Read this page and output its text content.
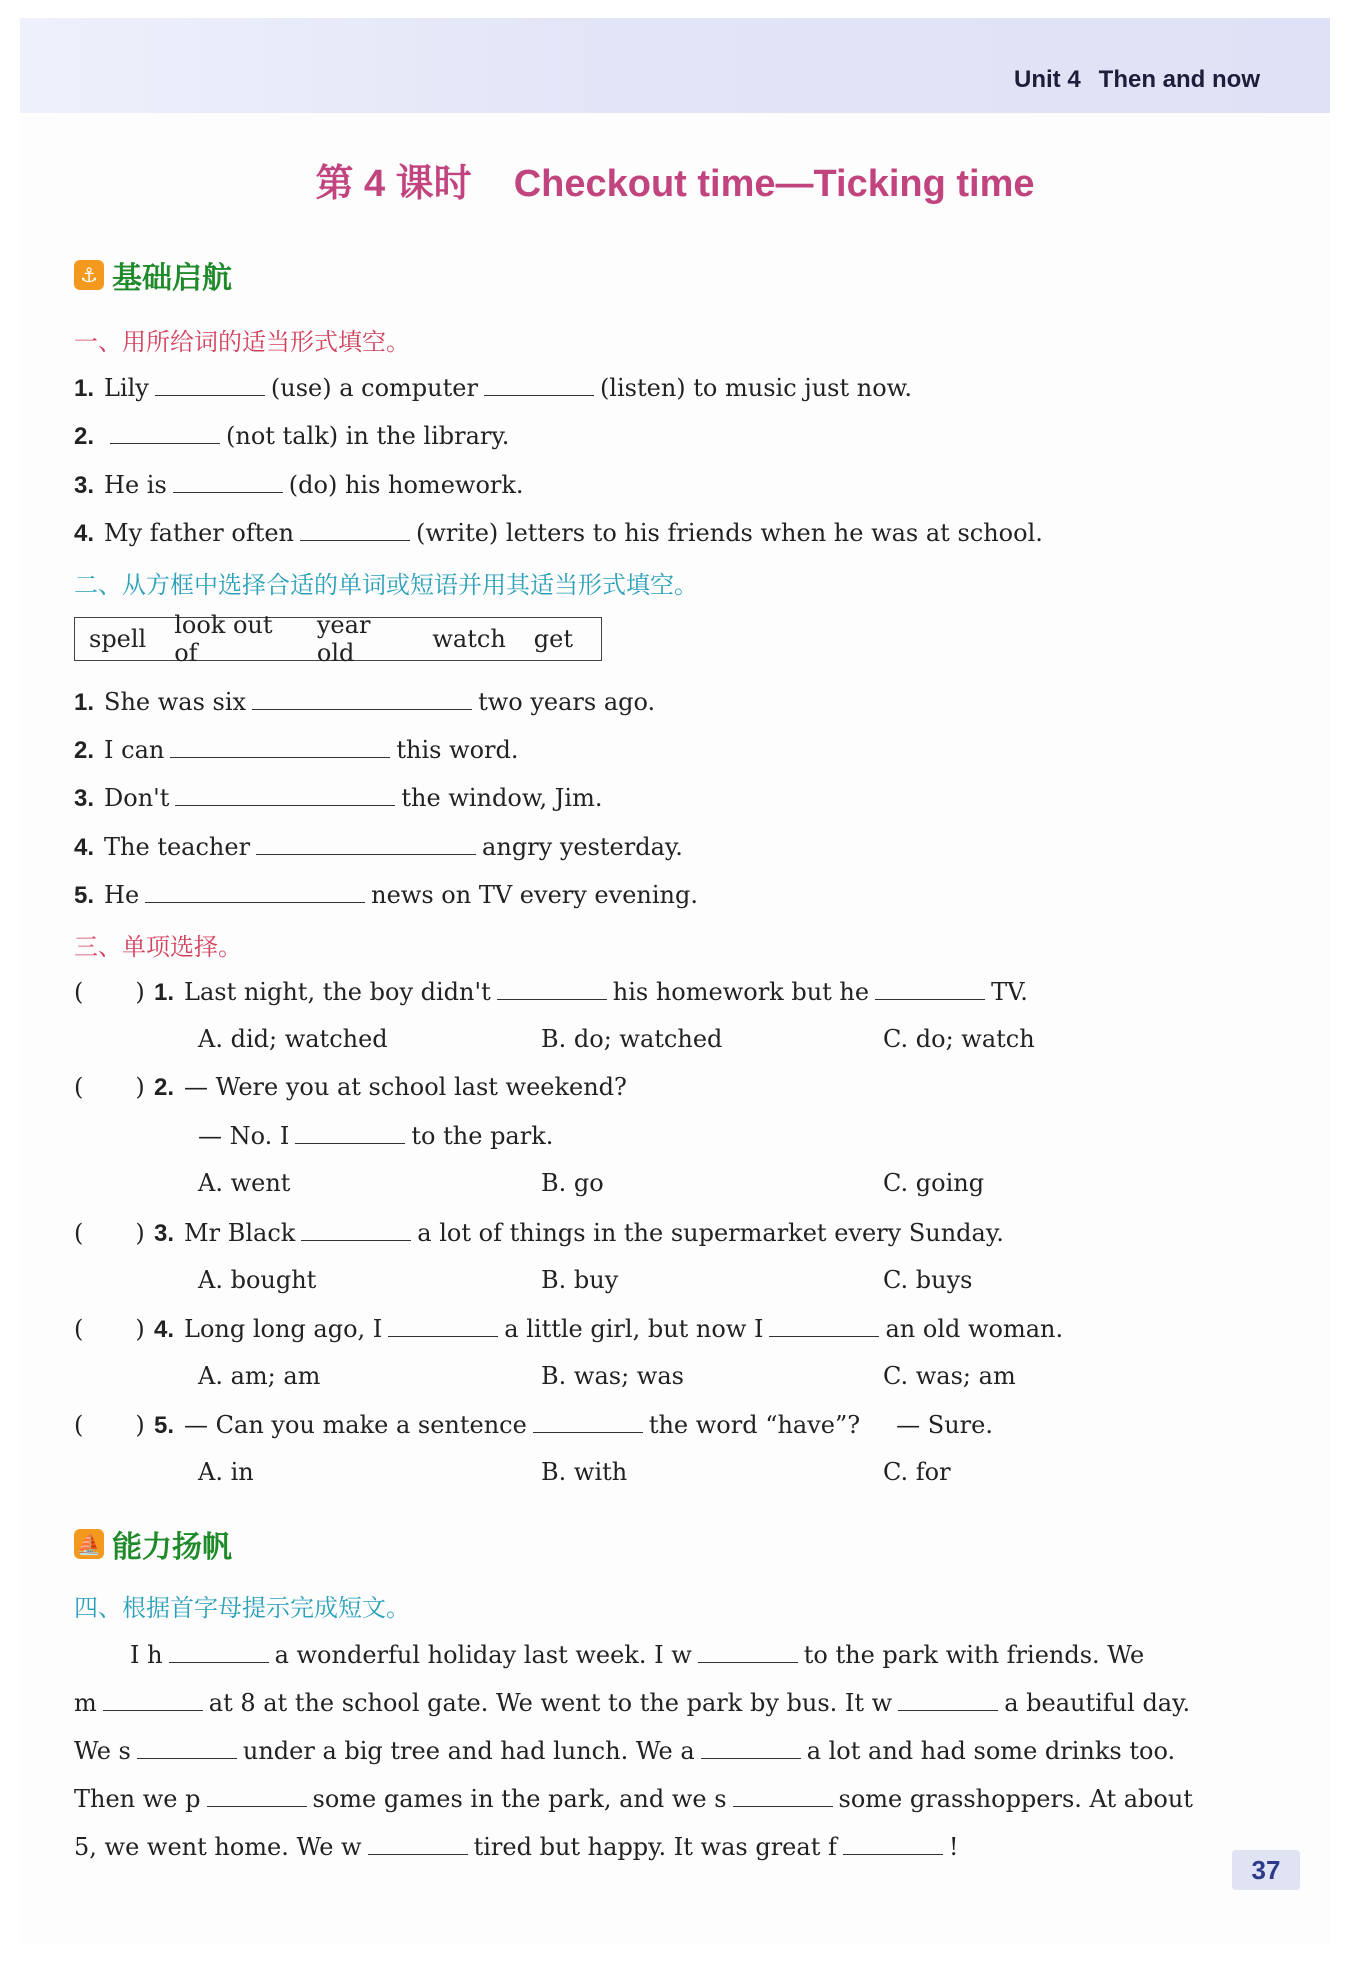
Unit 4 Then and now
第 4 课时 Checkout time—Ticking time
⚓ 基础启航
一、用所给词的适当形式填空。
1. Lily	(use) a computer	(listen) to music just now.
2.	(not talk) in the library.
3. He is	(do) his homework.
4. My father often	(write) letters to his friends when he was at school.
二、从方框中选择合适的单词或短语并用其适当形式填空。
spell look out of
year old	watch get
1. She was six	two years ago.
2. I can	this word.
3. Don't	the window, Jim.
4. The teacher	angry yesterday.
5. He	news on TV every evening.
三、单项选择。
( ) 1. Last night, the boy didn't	his homework but he	TV.
A. did; watched	B. do; watched	C. do; watch
( ) 2. — Were you at school last weekend?
— No. I	to the park.
A. went	B. go	C. going
( ) 3. Mr Black	a lot of things in the supermarket every Sunday.
A. bought	B. buy	C. buys
( ) 4. Long long ago, I	a little girl, but now I	an old woman.
A. am; am	B. was; was	C. was; am
( ) 5. — Can you make a sentence	the word “have”? — Sure.
A. in	B. with	C. for
⛵ 能力扬帆
四、根据首字母提示完成短文。
I h	a wonderful holiday last week. I w	to the park with friends. We
m	at 8 at the school gate. We went to the park by bus. It w	a beautiful day.
We s	under a big tree and had lunch. We a	a lot and had some drinks too.
Then we p	some games in the park, and we s	some grasshoppers. At about
5, we went home. We w	tired but happy. It was great f	!
37
